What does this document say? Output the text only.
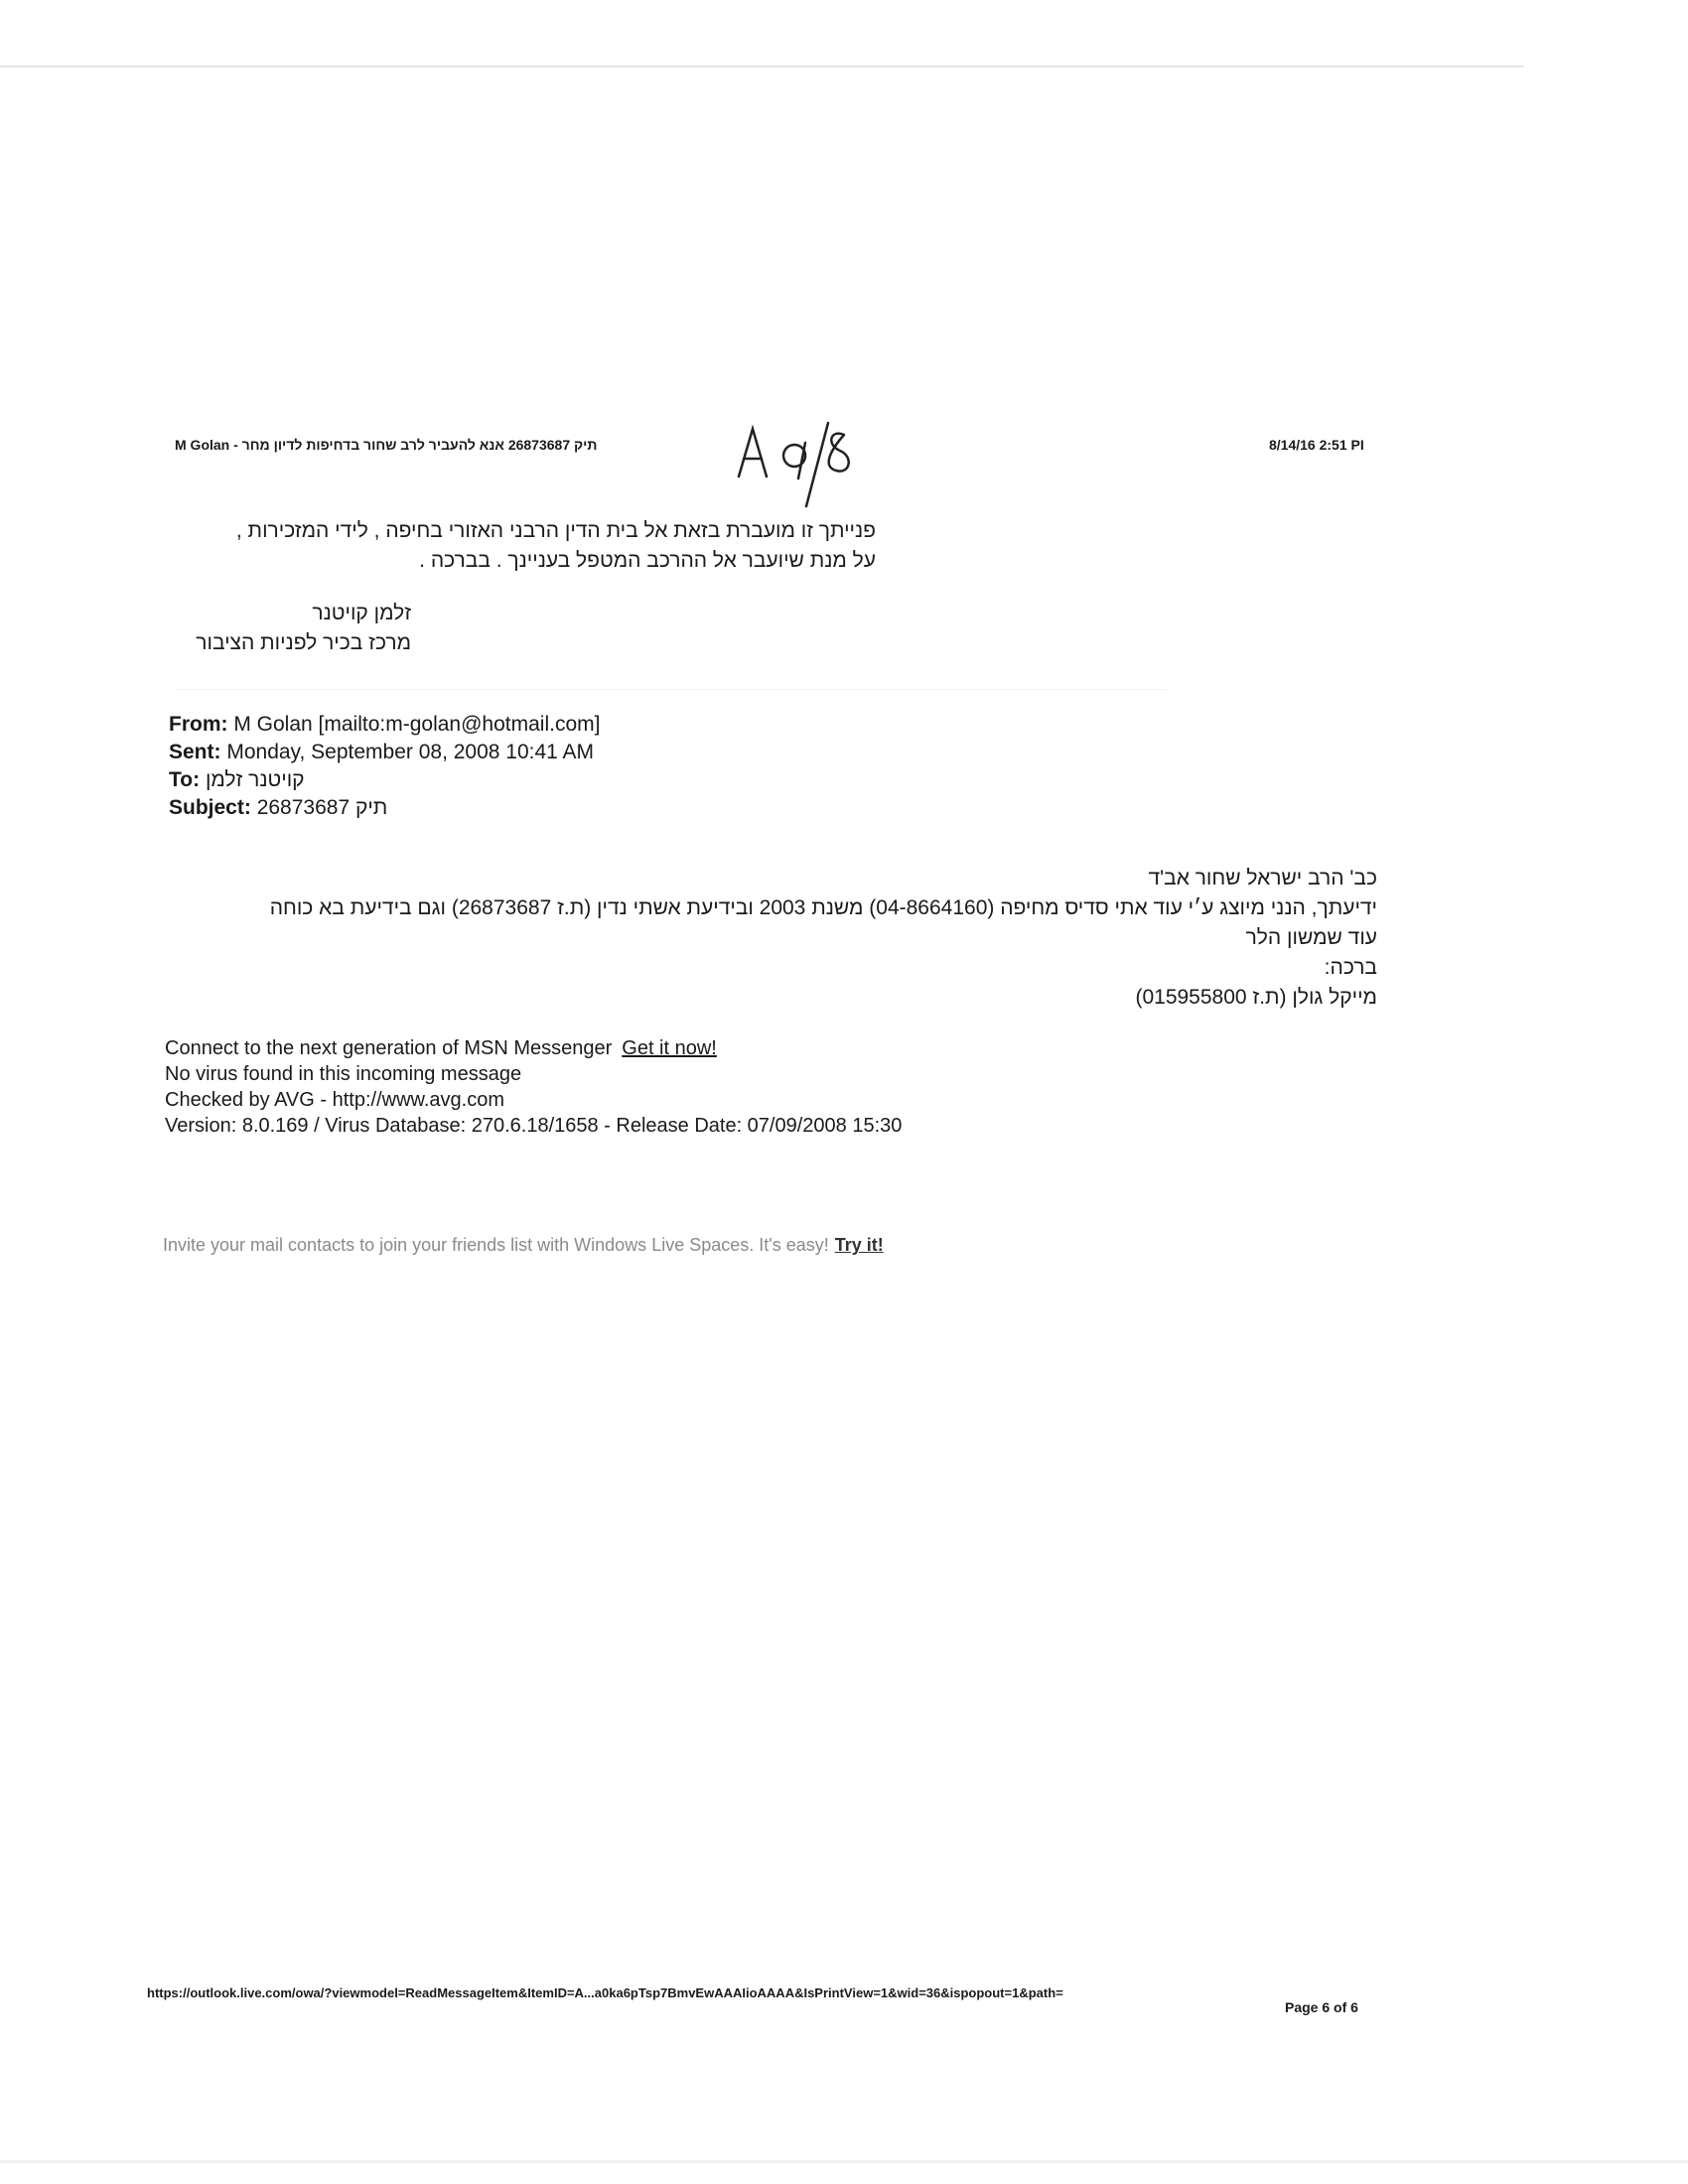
M Golan - תיק 26873687 אנא להעביר לרב שחור בדחיפות לדיון מחר	8/14/16 2:51 PI
פנייתך זו מועברת בזאת אל בית הדין הרבני האזורי בחיפה , לידי המזכירות ,
על מנת שיועבר אל ההרכב המטפל בעניינך . בברכה .
זלמן קויטנר
מרכז בכיר לפניות הציבור
From: M Golan [mailto:m-golan@hotmail.com]
Sent: Monday, September 08, 2008 10:41 AM
To: קויטנר זלמן
Subject: תיק 26873687
כב' הרב ישראל שחור אב'ד
ידיעתך, הנני מיוצג ע׳י עוד אתי סדיס מחיפה (04-8664160) משנת 2003 ובידיעת אשתי נדין (ת.ז 26873687) וגם בידיעת בא כוחה
עוד שמשון הלר
ברכה:
מייקל גולן (ת.ז 015955800)
Connect to the next generation of MSN Messenger Get it now!
No virus found in this incoming message
Checked by AVG - http://www.avg.com
Version: 8.0.169 / Virus Database: 270.6.18/1658 - Release Date: 07/09/2008 15:30
Invite your mail contacts to join your friends list with Windows Live Spaces. It's easy! Try it!
https://outlook.live.com/owa/?viewmodel=ReadMessageItem&ItemID=A...a0ka6pTsp7BmvEwAAAIioAAAA&IsPrintView=1&wid=36&ispopout=1&path=
Page 6 of 6
